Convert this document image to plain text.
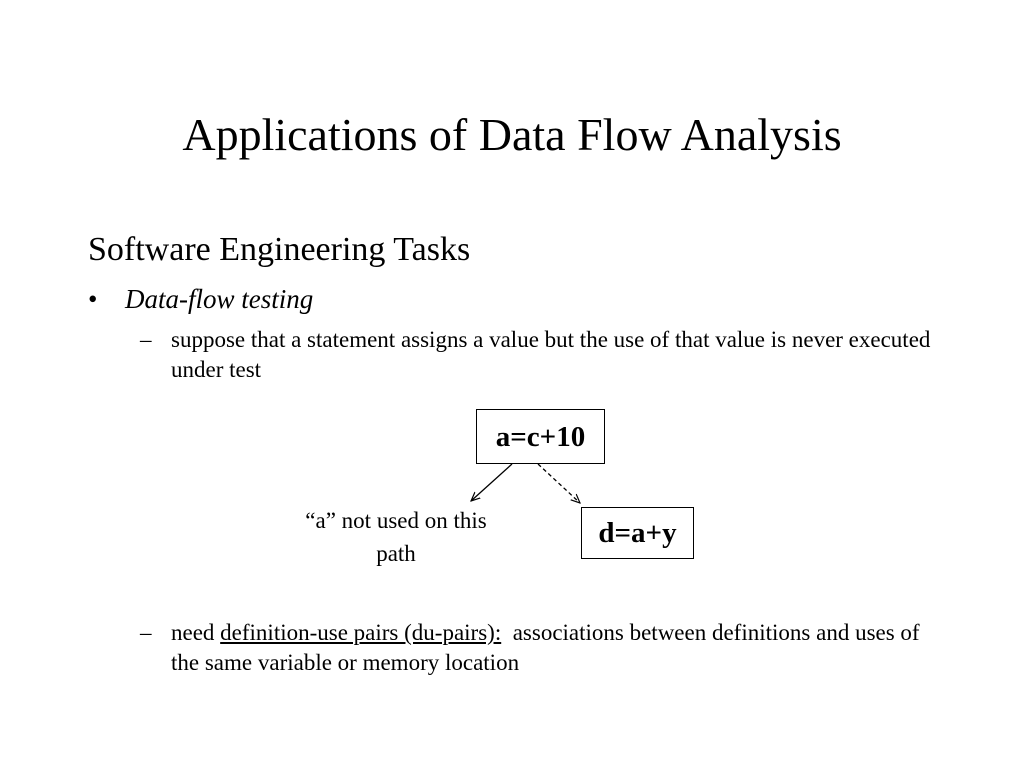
Applications of Data Flow Analysis
Software Engineering Tasks
•	Data-flow testing
– suppose that a statement assigns a value but the use of that value is never executed under test
a=c+10
d=a+y
“a” not used on this path
– need definition-use pairs (du-pairs):  associations between definitions and uses of the same variable or memory location
